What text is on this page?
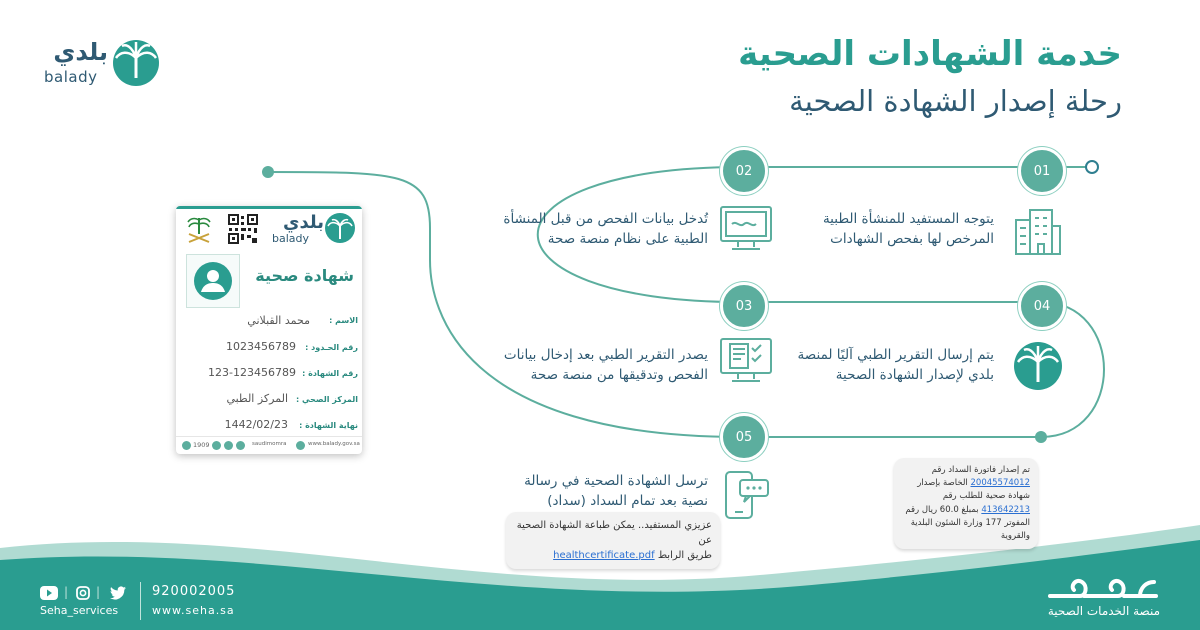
بلدي
balady
خدمة الشهادات الصحية
رحلة إصدار الشهادة الصحية
01
02
03	04
05
يتوجه المستفيد للمنشأة الطبية
المرخص لها بفحص الشهادات
تُدخل بيانات الفحص من قبل المنشأة
الطبية على نظام منصة صحة
يصدر التقرير الطبي بعد إدخال بيانات
الفحص وتدقيقها من منصة صحة
يتم إرسال التقرير الطبي آليًا لمنصة
بلدي لإصدار الشهادة الصحية
ترسل الشهادة الصحية في رسالة
نصية بعد تمام السداد (سداد)
عزيزي المستفيد.. يمكن طباعة الشهادة الصحية عن
طريق الرابط healthcertificate.pdf
تم إصدار فاتورة السداد رقم
20045574012 الخاصة بإصدار
شهادة صحية للطلب رقم
413642213 بمبلغ 60.0 ريال رقم
المفوتر 177 وزارة الشئون البلدية
والقروية
بلدي
balady
شهادة صحية
محمد القبلاني	الاسم :
1023456789	رقم الحـدود :
123-123456789 رقم الشهادة :
المركز الطبي	المركز الصحي :
1442/02/23	نهاية الشهادة :
1909	saudimomra	www.balady.gov.sa
| |
Seha_services
920002005
www.seha.sa	منصة الخدمات الصحية
